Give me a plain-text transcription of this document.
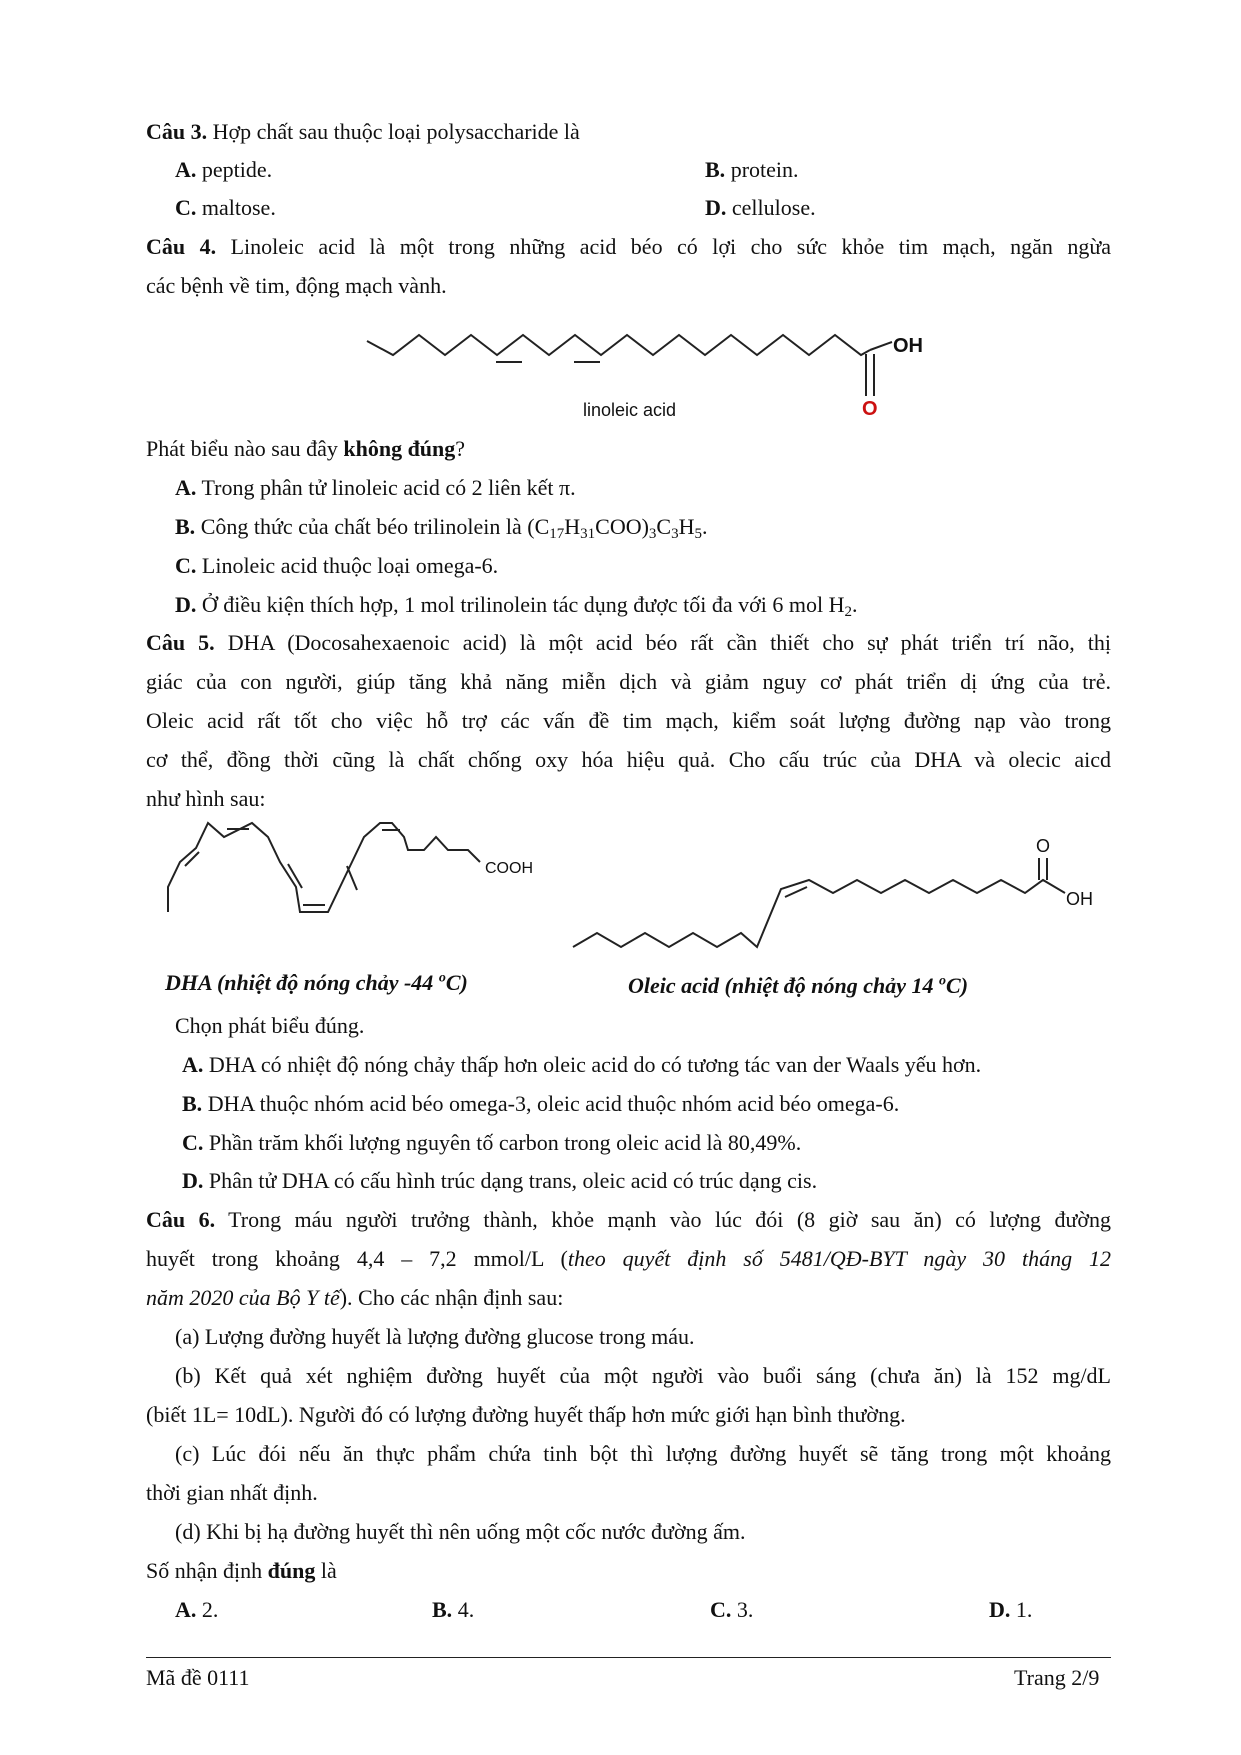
Câu 3. Hợp chất sau thuộc loại polysaccharide là
A. peptide.	B. protein.
C. maltose.	D. cellulose.
Câu 4. Linoleic acid là một trong những acid béo có lợi cho sức khỏe tim mạch, ngăn ngừa
các bệnh về tim, động mạch vành.
OH
O
linoleic acid
Phát biểu nào sau đây không đúng?
A. Trong phân tử linoleic acid có 2 liên kết π.
B. Công thức của chất béo trilinolein là $(C_{17}H_{31}COO)_3C_3H_5$.
C. Linoleic acid thuộc loại omega-6.
D. Ở điều kiện thích hợp, 1 mol trilinolein tác dụng được tối đa với 6 mol $H_2$.
Câu 5. DHA (Docosahexaenoic acid) là một acid béo rất cần thiết cho sự phát triển trí não, thị
giác của con người, giúp tăng khả năng miễn dịch và giảm nguy cơ phát triển dị ứng của trẻ.
Oleic acid rất tốt cho việc hỗ trợ các vấn đề tim mạch, kiểm soát lượng đường nạp vào trong
cơ thể, đồng thời cũng là chất chống oxy hóa hiệu quả. Cho cấu trúc của DHA và olecic aicd
như hình sau:
COOH
O
OH
DHA (nhiệt độ nóng chảy -44 $^o$C)	Oleic acid (nhiệt độ nóng chảy 14 $^o$C)
Chọn phát biểu đúng.
A. DHA có nhiệt độ nóng chảy thấp hơn oleic acid do có tương tác van der Waals yếu hơn.
B. DHA thuộc nhóm acid béo omega-3, oleic acid thuộc nhóm acid béo omega-6.
C. Phần trăm khối lượng nguyên tố carbon trong oleic acid là 80,49%.
D. Phân tử DHA có cấu hình trúc dạng trans, oleic acid có trúc dạng cis.
Câu 6. Trong máu người trưởng thành, khỏe mạnh vào lúc đói (8 giờ sau ăn) có lượng đường
huyết trong khoảng 4,4 – 7,2 mmol/L (theo quyết định số 5481/QĐ-BYT ngày 30 tháng 12
năm 2020 của Bộ Y tế). Cho các nhận định sau:
(a) Lượng đường huyết là lượng đường glucose trong máu.
(b) Kết quả xét nghiệm đường huyết của một người vào buổi sáng (chưa ăn) là 152 mg/dL
(biết 1L= 10dL). Người đó có lượng đường huyết thấp hơn mức giới hạn bình thường.
(c) Lúc đói nếu ăn thực phẩm chứa tinh bột thì lượng đường huyết sẽ tăng trong một khoảng
thời gian nhất định.
(d) Khi bị hạ đường huyết thì nên uống một cốc nước đường ấm.
Số nhận định đúng là
A. 2.	B. 4.	C. 3.	D. 1.
Mã đề 0111	Trang 2/9
